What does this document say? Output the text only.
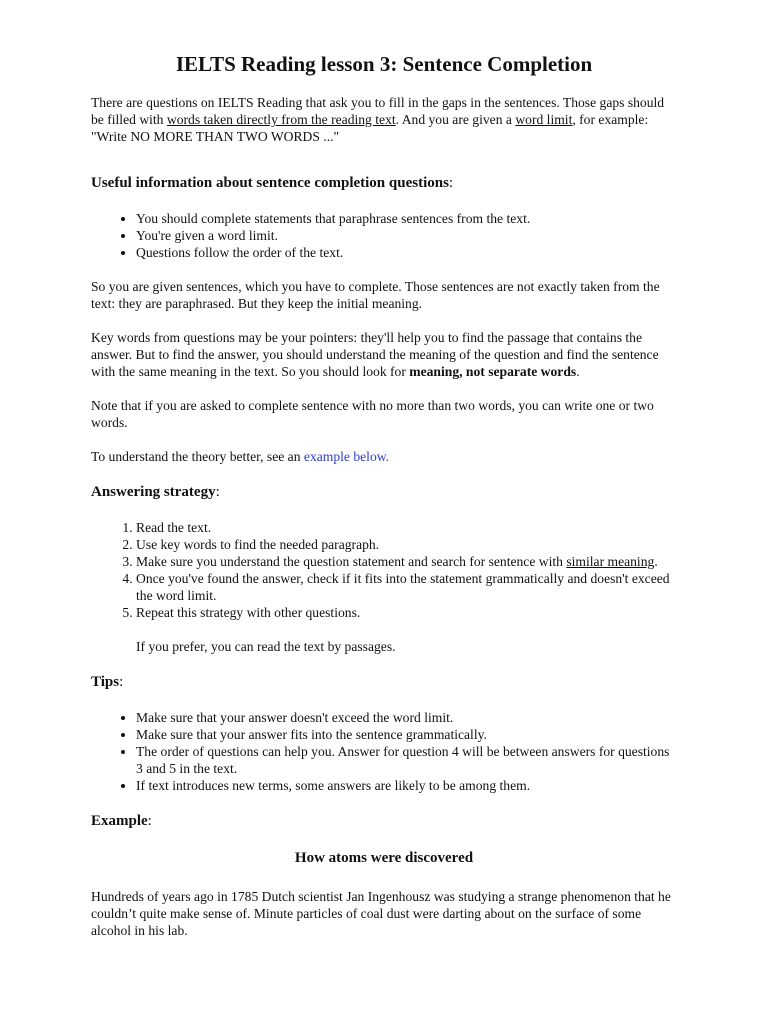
IELTS Reading lesson 3: Sentence Completion

There are questions on IELTS Reading that ask you to fill in the gaps in the sentences. Those gaps should be filled with words taken directly from the reading text. And you are given a word limit, for example: "Write NO MORE THAN TWO WORDS ..."

Useful information about sentence completion questions:
• You should complete statements that paraphrase sentences from the text.
• You're given a word limit.
• Questions follow the order of the text.

So you are given sentences, which you have to complete. Those sentences are not exactly taken from the text: they are paraphrased. But they keep the initial meaning.

Key words from questions may be your pointers: they'll help you to find the passage that contains the answer. But to find the answer, you should understand the meaning of the question and find the sentence with the same meaning in the text. So you should look for meaning, not separate words.

Note that if you are asked to complete sentence with no more than two words, you can write one or two words.

To understand the theory better, see an example below.

Answering strategy:
1. Read the text.
2. Use key words to find the needed paragraph.
3. Make sure you understand the question statement and search for sentence with similar meaning.
4. Once you've found the answer, check if it fits into the statement grammatically and doesn't exceed the word limit.
5. Repeat this strategy with other questions.

If you prefer, you can read the text by passages.

Tips:
• Make sure that your answer doesn't exceed the word limit.
• Make sure that your answer fits into the sentence grammatically.
• The order of questions can help you. Answer for question 4 will be between answers for questions 3 and 5 in the text.
• If text introduces new terms, some answers are likely to be among them.
Example:
How atoms were discovered

Hundreds of years ago in 1785 Dutch scientist Jan Ingenhousz was studying a strange phenomenon that he couldn’t quite make sense of. Minute particles of coal dust were darting about on the surface of some alcohol in his lab.
